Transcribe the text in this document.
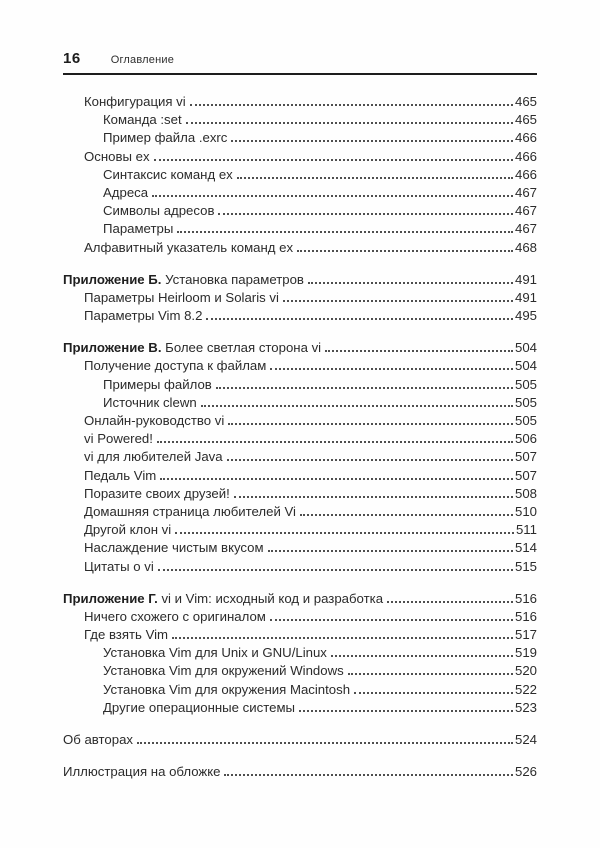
16	Оглавление
Конфигурация vi	465
Команда :set	465
Пример файла .exrc	466
Основы ex	466
Синтаксис команд ex	466
Адреса	467
Символы адресов	467
Параметры	467
Алфавитный указатель команд ex	468
Приложение Б. Установка параметров	491
Параметры Heirloom и Solaris vi	491
Параметры Vim 8.2	495
Приложение В. Более светлая сторона vi	504
Получение доступа к файлам	504
Примеры файлов	505
Источник clewn	505
Онлайн-руководство vi	505
vi Powered!	506
vi для любителей Java	507
Педаль Vim	507
Поразите своих друзей!	508
Домашняя страница любителей Vi	510
Другой клон vi	511
Наслаждение чистым вкусом	514
Цитаты о vi	515
Приложение Г. vi и Vim: исходный код и разработка	516
Ничего схожего с оригиналом	516
Где взять Vim	517
Установка Vim для Unix и GNU/Linux	519
Установка Vim для окружений Windows	520
Установка Vim для окружения Macintosh	522
Другие операционные системы	523
Об авторах	524
Иллюстрация на обложке	526
